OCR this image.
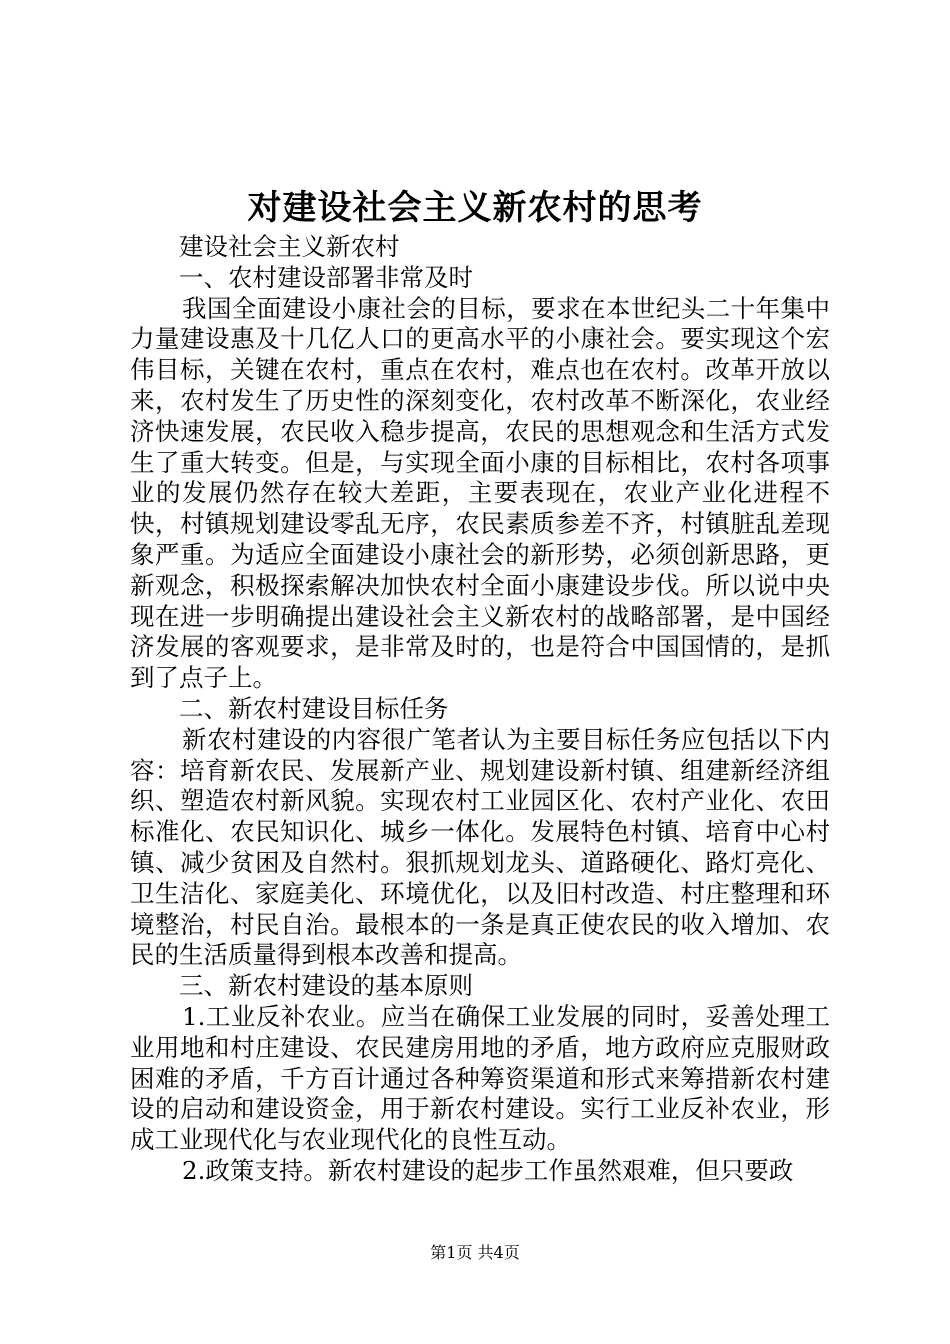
对建设社会主义新农村的思考

建设社会主义新农村

一、农村建设部署非常及时

我国全面建设小康社会的目标，要求在本世纪头二十年集中力量建设惠及十几亿人口的更高水平的小康社会。要实现这个宏伟目标，关键在农村，重点在农村，难点也在农村。改革开放以来，农村发生了历史性的深刻变化，农村改革不断深化，农业经济快速发展，农民收入稳步提高，农民的思想观念和生活方式发生了重大转变。但是，与实现全面小康的目标相比，农村各项事业的发展仍然存在较大差距，主要表现在，农业产业化进程不快，村镇规划建设零乱无序，农民素质参差不齐，村镇脏乱差现象严重。为适应全面建设小康社会的新形势，必须创新思路，更新观念，积极探索解决加快农村全面小康建设步伐。所以说中央现在进一步明确提出建设社会主义新农村的战略部署，是中国经济发展的客观要求，是非常及时的，也是符合中国国情的，是抓到了点子上。

二、新农村建设目标任务

新农村建设的内容很广笔者认为主要目标任务应包括以下内容：培育新农民、发展新产业、规划建设新村镇、组建新经济组织、塑造农村新风貌。实现农村工业园区化、农村产业化、农田标准化、农民知识化、城乡一体化。发展特色村镇、培育中心村镇、减少贫困及自然村。狠抓规划龙头、道路硬化、路灯亮化、卫生洁化、家庭美化、环境优化，以及旧村改造、村庄整理和环境整治，村民自治。最根本的一条是真正使农民的收入增加、农民的生活质量得到根本改善和提高。

三、新农村建设的基本原则

1.工业反补农业。应当在确保工业发展的同时，妥善处理工业用地和村庄建设、农民建房用地的矛盾，地方政府应克服财政困难的矛盾，千方百计通过各种筹资渠道和形式来筹措新农村建设的启动和建设资金，用于新农村建设。实行工业反补农业，形成工业现代化与农业现代化的良性互动。

2.政策支持。新农村建设的起步工作虽然艰难，但只要政

第1页 共4页
